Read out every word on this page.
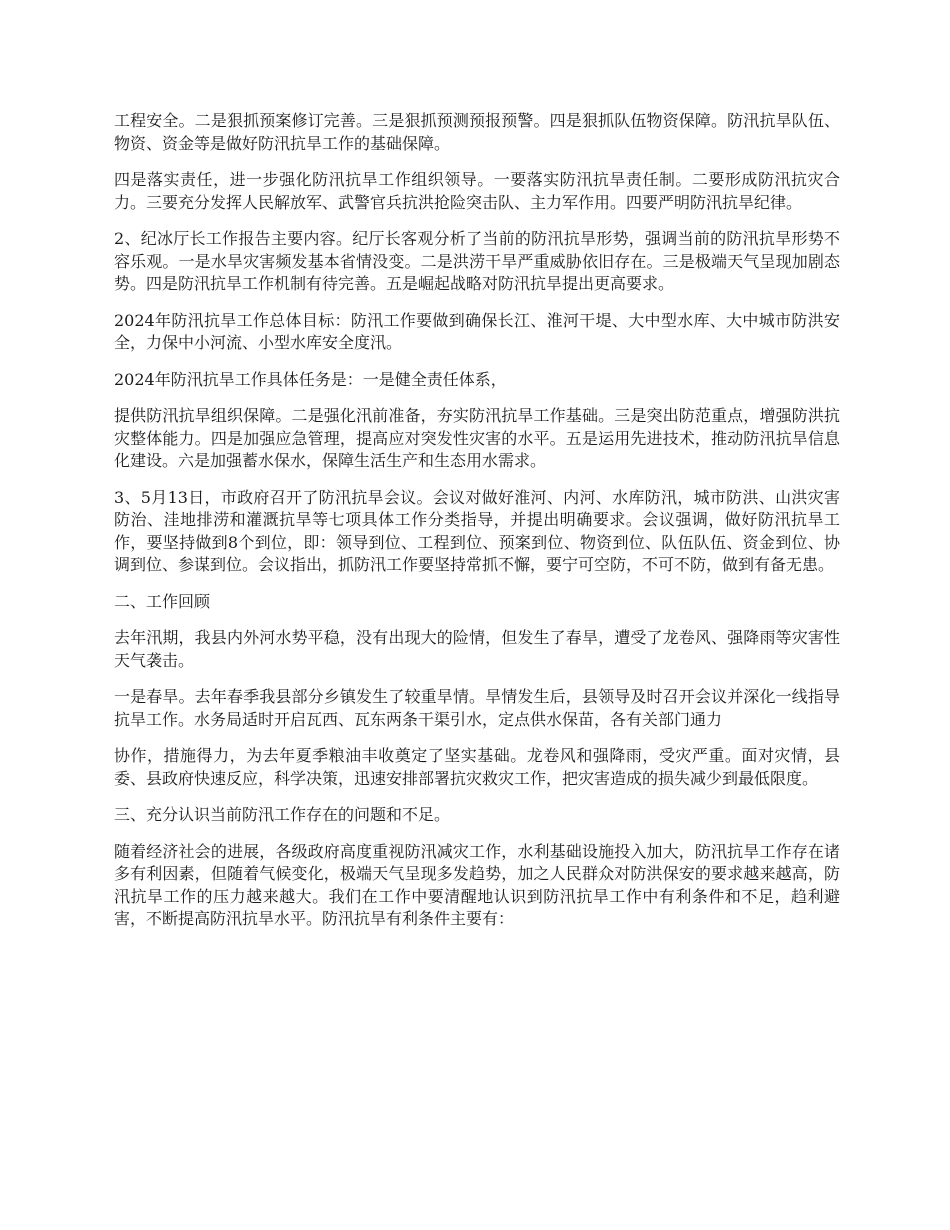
工程安全。二是狠抓预案修订完善。三是狠抓预测预报预警。四是狠抓队伍物资保障。防汛抗旱队伍、物资、资金等是做好防汛抗旱工作的基础保障。

四是落实责任，进一步强化防汛抗旱工作组织领导。一要落实防汛抗旱责任制。二要形成防汛抗灾合力。三要充分发挥人民解放军、武警官兵抗洪抢险突击队、主力军作用。四要严明防汛抗旱纪律。

2、纪冰厅长工作报告主要内容。纪厅长客观分析了当前的防汛抗旱形势，强调当前的防汛抗旱形势不容乐观。一是水旱灾害频发基本省情没变。二是洪涝干旱严重威胁依旧存在。三是极端天气呈现加剧态势。四是防汛抗旱工作机制有待完善。五是崛起战略对防汛抗旱提出更高要求。

2024年防汛抗旱工作总体目标：防汛工作要做到确保长江、淮河干堤、大中型水库、大中城市防洪安全，力保中小河流、小型水库安全度汛。

2024年防汛抗旱工作具体任务是：一是健全责任体系，

提供防汛抗旱组织保障。二是强化汛前准备，夯实防汛抗旱工作基础。三是突出防范重点，增强防洪抗灾整体能力。四是加强应急管理，提高应对突发性灾害的水平。五是运用先进技术，推动防汛抗旱信息化建设。六是加强蓄水保水，保障生活生产和生态用水需求。

3、5月13日，市政府召开了防汛抗旱会议。会议对做好淮河、内河、水库防汛，城市防洪、山洪灾害防治、洼地排涝和灌溉抗旱等七项具体工作分类指导，并提出明确要求。会议强调，做好防汛抗旱工作，要坚持做到8个到位，即：领导到位、工程到位、预案到位、物资到位、队伍队伍、资金到位、协调到位、参谋到位。会议指出，抓防汛工作要坚持常抓不懈，要宁可空防，不可不防，做到有备无患。

二、工作回顾

去年汛期，我县内外河水势平稳，没有出现大的险情，但发生了春旱，遭受了龙卷风、强降雨等灾害性天气袭击。

一是春旱。去年春季我县部分乡镇发生了较重旱情。旱情发生后，县领导及时召开会议并深化一线指导抗旱工作。水务局适时开启瓦西、瓦东两条干渠引水，定点供水保苗，各有关部门通力

协作，措施得力，为去年夏季粮油丰收奠定了坚实基础。龙卷风和强降雨，受灾严重。面对灾情，县委、县政府快速反应，科学决策，迅速安排部署抗灾救灾工作，把灾害造成的损失减少到最低限度。

三、充分认识当前防汛工作存在的问题和不足。

随着经济社会的进展，各级政府高度重视防汛减灾工作，水利基础设施投入加大，防汛抗旱工作存在诸多有利因素，但随着气候变化，极端天气呈现多发趋势，加之人民群众对防洪保安的要求越来越高，防汛抗旱工作的压力越来越大。我们在工作中要清醒地认识到防汛抗旱工作中有利条件和不足，趋利避害，不断提高防汛抗旱水平。防汛抗旱有利条件主要有：
